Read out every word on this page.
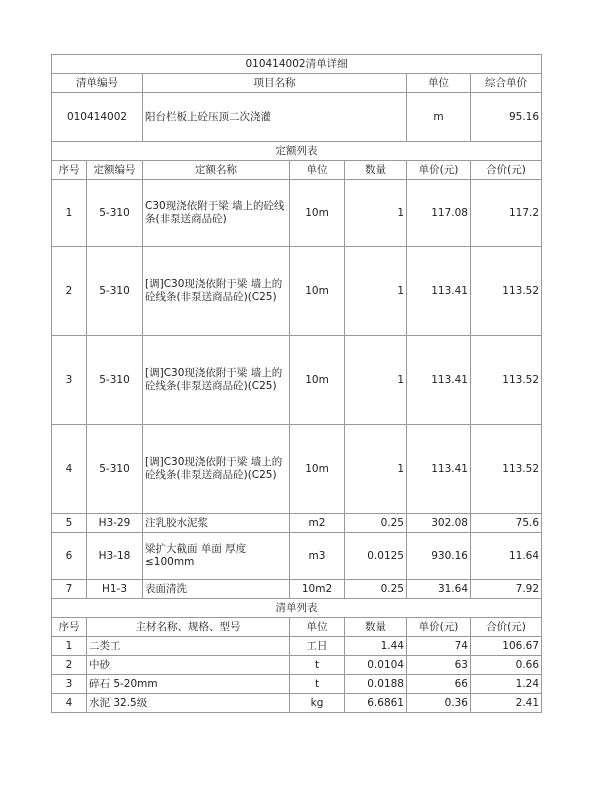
010414002清单详细						
清单编号		项目名称			单位	综合单价
010414002		阳台栏板上砼压顶二次浇灌			m	95.16
定额列表						
序号	定额编号	定额名称	单位	数量	单价(元)	合价(元)
1	5-310	C30现浇依附于梁 墙上的砼线条(非泵送商品砼)	10m	1	117.08	117.2
2	5-310	[调]C30现浇依附于梁 墙上的砼线条(非泵送商品砼)(C25)	10m	1	113.41	113.52
3	5-310	[调]C30现浇依附于梁 墙上的砼线条(非泵送商品砼)(C25)	10m	1	113.41	113.52
4	5-310	[调]C30现浇依附于梁 墙上的砼线条(非泵送商品砼)(C25)	10m	1	113.41	113.52
5	H3-29	注乳胶水泥浆	m2	0.25	302.08	75.6
6	H3-18	梁扩大截面 单面 厚度≤100mm	m3	0.0125	930.16	11.64
7	H1-3	表面清洗	10m2	0.25	31.64	7.92
清单列表						
序号	主材名称、规格、型号		单位	数量	单价(元)	合价(元)
1	二类工		工日	1.44	74	106.67
2	中砂		t	0.0104	63	0.66
3	碎石 5-20mm		t	0.0188	66	1.24
4	水泥 32.5级		kg	6.6861	0.36	2.41
